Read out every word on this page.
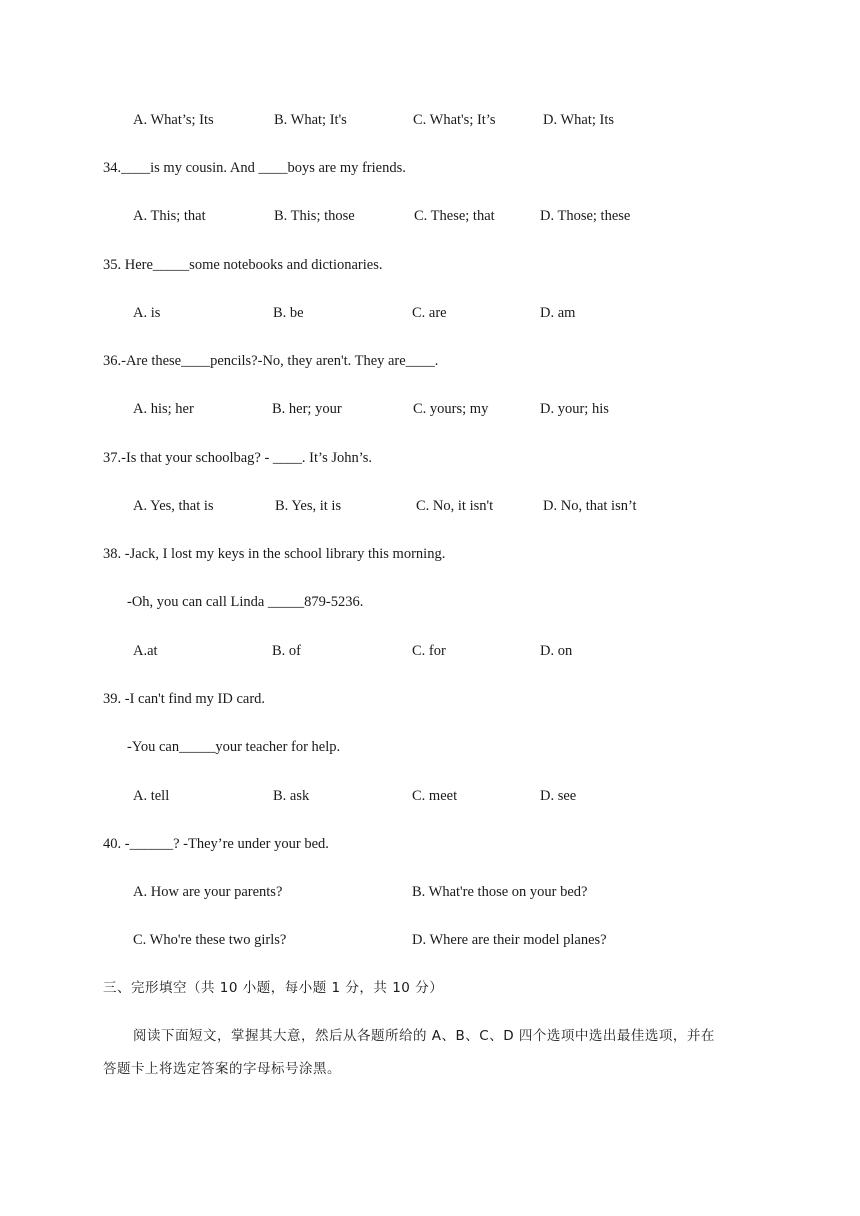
A. What’s; Its	B. What; It's	C. What's; It’s	D. What; Its
34.____is my cousin. And ____boys are my friends.
A. This; that	B. This; those	C. These; that	D. Those; these
35. Here_____some notebooks and dictionaries.
A. is	B. be	C. are	D. am
36.-Are these____pencils?-No, they aren't. They are____.
A. his; her	B. her; your	C. yours; my	D. your; his
37.-Is that your schoolbag? - ____. It’s John’s.
A. Yes, that is	B. Yes, it is	C. No, it isn't	D. No, that isn’t
38. -Jack, I lost my keys in the school library this morning.
-Oh, you can call Linda _____879-5236.
A.at	B. of	C. for	D. on
39. -I can't find my ID card.
-You can_____your teacher for help.
A. tell	B. ask	C. meet	D. see
40. -______? -They’re under your bed.
A. How are your parents?	B. What're those on your bed?
C. Who're these two girls?	D. Where are their model planes?
三、完形填空（共 10 小题，每小题 1 分，共 10 分）
阅读下面短文，掌握其大意，然后从各题所给的 A、B、C、D 四个选项中选出最佳选项，并在
答题卡上将选定答案的字母标号涂黑。
